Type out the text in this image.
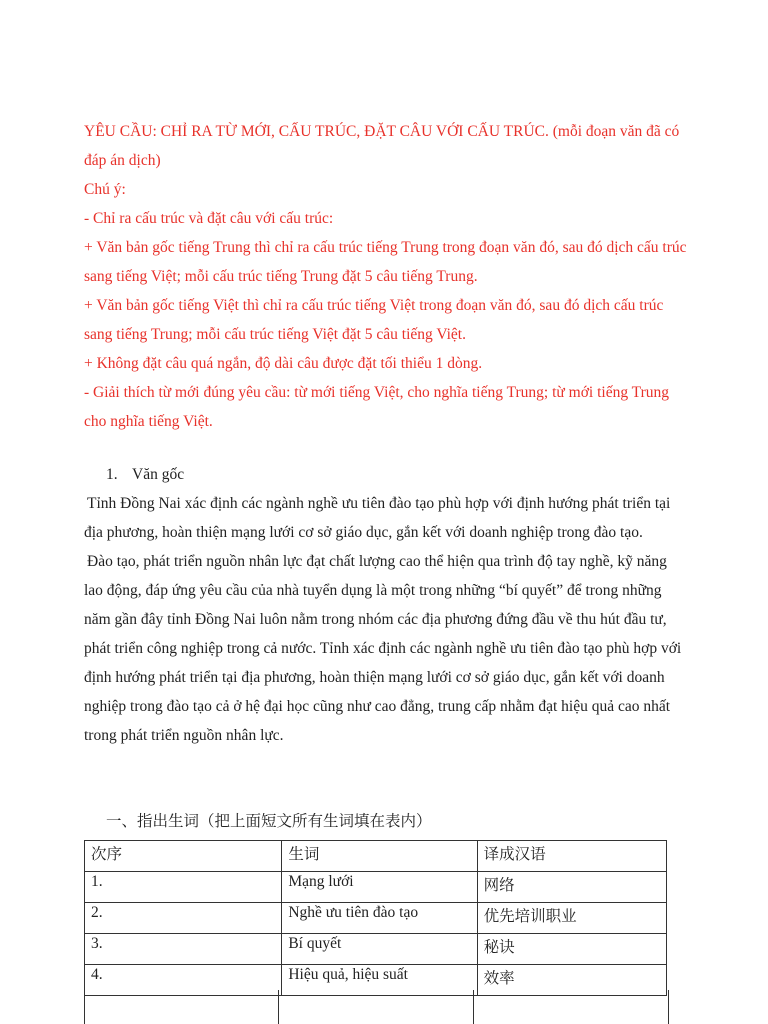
YÊU CẦU: CHỈ RA TỪ MỚI, CẤU TRÚC, ĐẶT CÂU VỚI CẤU TRÚC. (mỗi đoạn văn đã có đáp án dịch)

Chú ý:

- Chỉ ra cấu trúc và đặt câu với cấu trúc:

+ Văn bản gốc tiếng Trung thì chỉ ra cấu trúc tiếng Trung trong đoạn văn đó, sau đó dịch cấu trúc sang tiếng Việt; mỗi cấu trúc tiếng Trung đặt 5 câu tiếng Trung.

+ Văn bản gốc tiếng Việt thì chỉ ra cấu trúc tiếng Việt trong đoạn văn đó, sau đó dịch cấu trúc sang tiếng Trung; mỗi cấu trúc tiếng Việt đặt 5 câu tiếng Việt.

+ Không đặt câu quá ngắn, độ dài câu được đặt tối thiểu 1 dòng.

- Giải thích từ mới đúng yêu cầu: từ mới tiếng Việt, cho nghĩa tiếng Trung; từ mới tiếng Trung cho nghĩa tiếng Việt.

1. Văn gốc

Tỉnh Đồng Nai xác định các ngành nghề ưu tiên đào tạo phù hợp với định hướng phát triển tại địa phương, hoàn thiện mạng lưới cơ sở giáo dục, gắn kết với doanh nghiệp trong đào tạo.

Đào tạo, phát triển nguồn nhân lực đạt chất lượng cao thể hiện qua trình độ tay nghề, kỹ năng lao động, đáp ứng yêu cầu của nhà tuyển dụng là một trong những “bí quyết” để trong những năm gần đây tỉnh Đồng Nai luôn nằm trong nhóm các địa phương đứng đầu về thu hút đầu tư, phát triển công nghiệp trong cả nước. Tỉnh xác định các ngành nghề ưu tiên đào tạo phù hợp với định hướng phát triển tại địa phương, hoàn thiện mạng lưới cơ sở giáo dục, gắn kết với doanh nghiệp trong đào tạo cả ở hệ đại học cũng như cao đẳng, trung cấp nhằm đạt hiệu quả cao nhất trong phát triển nguồn nhân lực.

一、指出生词（把上面短文所有生词填在表内）
次序	生词	译成汉语
1.	Mạng lưới	网络
2.	Nghề ưu tiên đào tạo	优先培训职业
3.	Bí quyết	秘诀
4.	Hiệu quả, hiệu suất	效率
